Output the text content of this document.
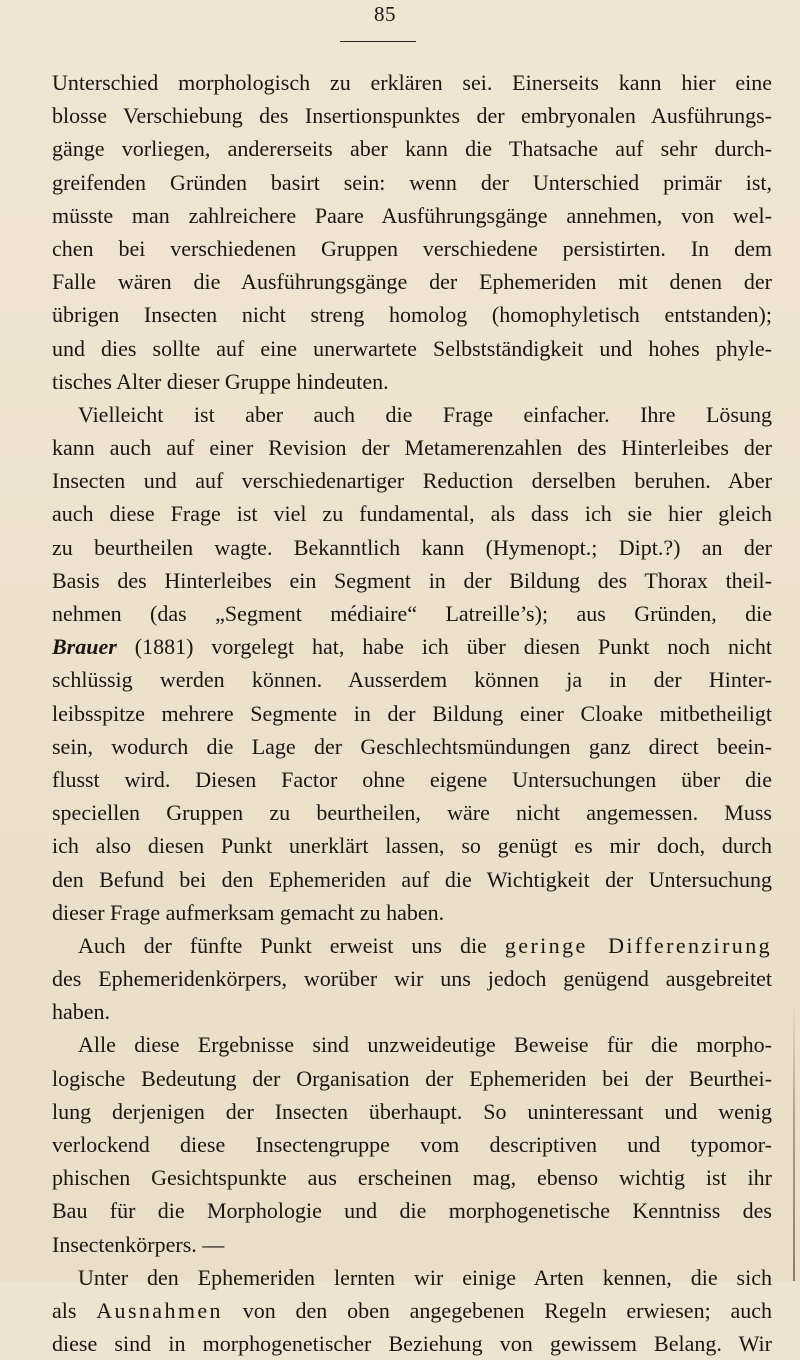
85
Unterschied morphologisch zu erklären sei. Einerseits kann hier eine
blosse Verschiebung des Insertionspunktes der embryonalen Ausführungs-
gänge vorliegen, andererseits aber kann die Thatsache auf sehr durch-
greifenden Gründen basirt sein: wenn der Unterschied primär ist,
müsste man zahlreichere Paare Ausführungsgänge annehmen, von wel-
chen bei verschiedenen Gruppen verschiedene persistirten. In dem
Falle wären die Ausführungsgänge der Ephemeriden mit denen der
übrigen Insecten nicht streng homolog (homophyletisch entstanden);
und dies sollte auf eine unerwartete Selbstständigkeit und hohes phyle-
tisches Alter dieser Gruppe hindeuten.
Vielleicht ist aber auch die Frage einfacher. Ihre Lösung
kann auch auf einer Revision der Metamerenzahlen des Hinterleibes der
Insecten und auf verschiedenartiger Reduction derselben beruhen. Aber
auch diese Frage ist viel zu fundamental, als dass ich sie hier gleich
zu beurtheilen wagte. Bekanntlich kann (Hymenopt.; Dipt.?) an der
Basis des Hinterleibes ein Segment in der Bildung des Thorax theil-
nehmen (das „Segment médiaire“ Latreille’s); aus Gründen, die
Brauer (1881) vorgelegt hat, habe ich über diesen Punkt noch nicht
schlüssig werden können. Ausserdem können ja in der Hinter-
leibsspitze mehrere Segmente in der Bildung einer Cloake mitbetheiligt
sein, wodurch die Lage der Geschlechtsmündungen ganz direct beein-
flusst wird. Diesen Factor ohne eigene Untersuchungen über die
speciellen Gruppen zu beurtheilen, wäre nicht angemessen. Muss
ich also diesen Punkt unerklärt lassen, so genügt es mir doch, durch
den Befund bei den Ephemeriden auf die Wichtigkeit der Untersuchung
dieser Frage aufmerksam gemacht zu haben.
Auch der fünfte Punkt erweist uns die geringe Differenzirung
des Ephemeridenkörpers, worüber wir uns jedoch genügend ausgebreitet
haben.
Alle diese Ergebnisse sind unzweideutige Beweise für die morpho-
logische Bedeutung der Organisation der Ephemeriden bei der Beurthei-
lung derjenigen der Insecten überhaupt. So uninteressant und wenig
verlockend diese Insectengruppe vom descriptiven und typomor-
phischen Gesichtspunkte aus erscheinen mag, ebenso wichtig ist ihr
Bau für die Morphologie und die morphogenetische Kenntniss des
Insectenkörpers. —
Unter den Ephemeriden lernten wir einige Arten kennen, die sich
als Ausnahmen von den oben angegebenen Regeln erwiesen; auch
diese sind in morphogenetischer Beziehung von gewissem Belang. Wir
